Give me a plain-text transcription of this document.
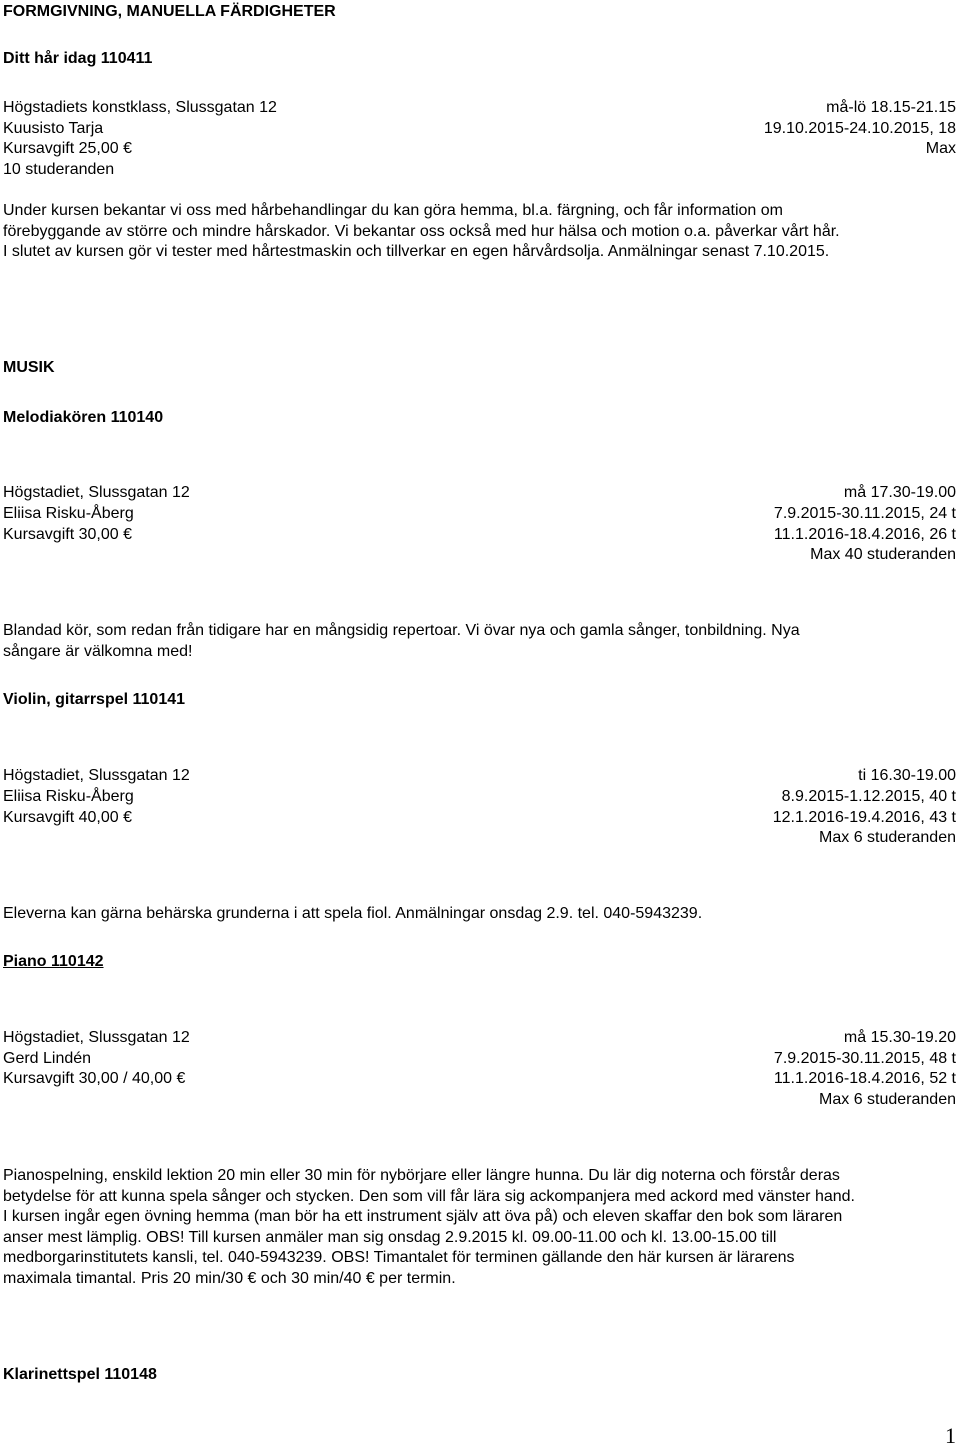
FORMGIVNING, MANUELLA FÄRDIGHETER
Ditt hår idag 110411
Högstadiets konstklass, Slussgatan 12	må-lö 18.15-21.15
Kuusisto Tarja	19.10.2015-24.10.2015, 18
Kursavgift 25,00 €	Max
10 studeranden
Under kursen bekantar vi oss med hårbehandlingar du kan göra hemma, bl.a. färgning, och får information om
förebyggande av större och mindre hårskador. Vi bekantar oss också med hur hälsa och motion o.a. påverkar vårt hår.
I slutet av kursen gör vi tester med hårtestmaskin och tillverkar en egen hårvårdsolja. Anmälningar senast 7.10.2015.
MUSIK
Melodiakören 110140
Högstadiet, Slussgatan 12	må 17.30-19.00
Eliisa Risku-Åberg	7.9.2015-30.11.2015, 24 t
Kursavgift 30,00 €	11.1.2016-18.4.2016, 26 t
Max 40 studeranden
Blandad kör, som redan från tidigare har en mångsidig repertoar. Vi övar nya och gamla sånger, tonbildning. Nya
sångare är välkomna med!
Violin, gitarrspel 110141
Högstadiet, Slussgatan 12	ti 16.30-19.00
Eliisa Risku-Åberg	8.9.2015-1.12.2015, 40 t
Kursavgift 40,00 €	12.1.2016-19.4.2016, 43 t
Max 6 studeranden
Eleverna kan gärna behärska grunderna i att spela fiol. Anmälningar onsdag 2.9. tel. 040-5943239.
Piano 110142
Högstadiet, Slussgatan 12	må 15.30-19.20
Gerd Lindén	7.9.2015-30.11.2015, 48 t
Kursavgift 30,00 / 40,00 €	11.1.2016-18.4.2016, 52 t
Max 6 studeranden
Pianospelning, enskild lektion 20 min eller 30 min för nybörjare eller längre hunna. Du lär dig noterna och förstår deras
betydelse för att kunna spela sånger och stycken. Den som vill får lära sig ackompanjera med ackord med vänster hand.
I kursen ingår egen övning hemma (man bör ha ett instrument själv att öva på) och eleven skaffar den bok som läraren
anser mest lämplig. OBS! Till kursen anmäler man sig onsdag 2.9.2015 kl. 09.00-11.00 och kl. 13.00-15.00 till
medborgarinstitutets kansli, tel. 040-5943239. OBS! Timantalet för terminen gällande den här kursen är lärarens
maximala timantal. Pris 20 min/30 € och 30 min/40 € per termin.
Klarinettspel 110148
1
